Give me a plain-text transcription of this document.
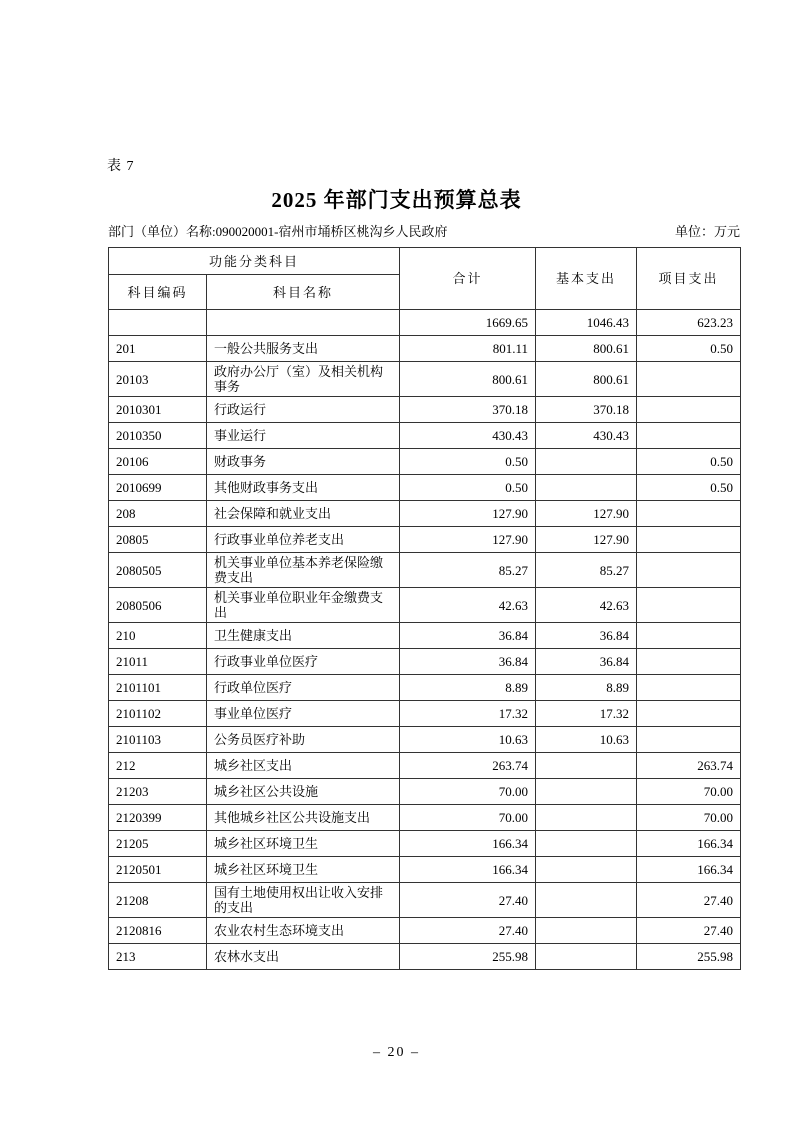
表 7
2025 年部门支出预算总表
部门（单位）名称:090020001-宿州市埇桥区桃沟乡人民政府	单位：万元
功能分类科目		合计	基本支出	项目支出
科目编码	科目名称			
		1669.65	1046.43	623.23
201	一般公共服务支出	801.11	800.61	0.50
20103	政府办公厅（室）及相关机构事务	800.61	800.61	
2010301	行政运行	370.18	370.18	
2010350	事业运行	430.43	430.43	
20106	财政事务	0.50		0.50
2010699	其他财政事务支出	0.50		0.50
208	社会保障和就业支出	127.90	127.90	
20805	行政事业单位养老支出	127.90	127.90	
2080505	机关事业单位基本养老保险缴费支出	85.27	85.27	
2080506	机关事业单位职业年金缴费支出	42.63	42.63	
210	卫生健康支出	36.84	36.84	
21011	行政事业单位医疗	36.84	36.84	
2101101	行政单位医疗	8.89	8.89	
2101102	事业单位医疗	17.32	17.32	
2101103	公务员医疗补助	10.63	10.63	
212	城乡社区支出	263.74		263.74
21203	城乡社区公共设施	70.00		70.00
2120399	其他城乡社区公共设施支出	70.00		70.00
21205	城乡社区环境卫生	166.34		166.34
2120501	城乡社区环境卫生	166.34		166.34
21208	国有土地使用权出让收入安排的支出	27.40		27.40
2120816	农业农村生态环境支出	27.40		27.40
213	农林水支出	255.98		255.98
– 20 –
